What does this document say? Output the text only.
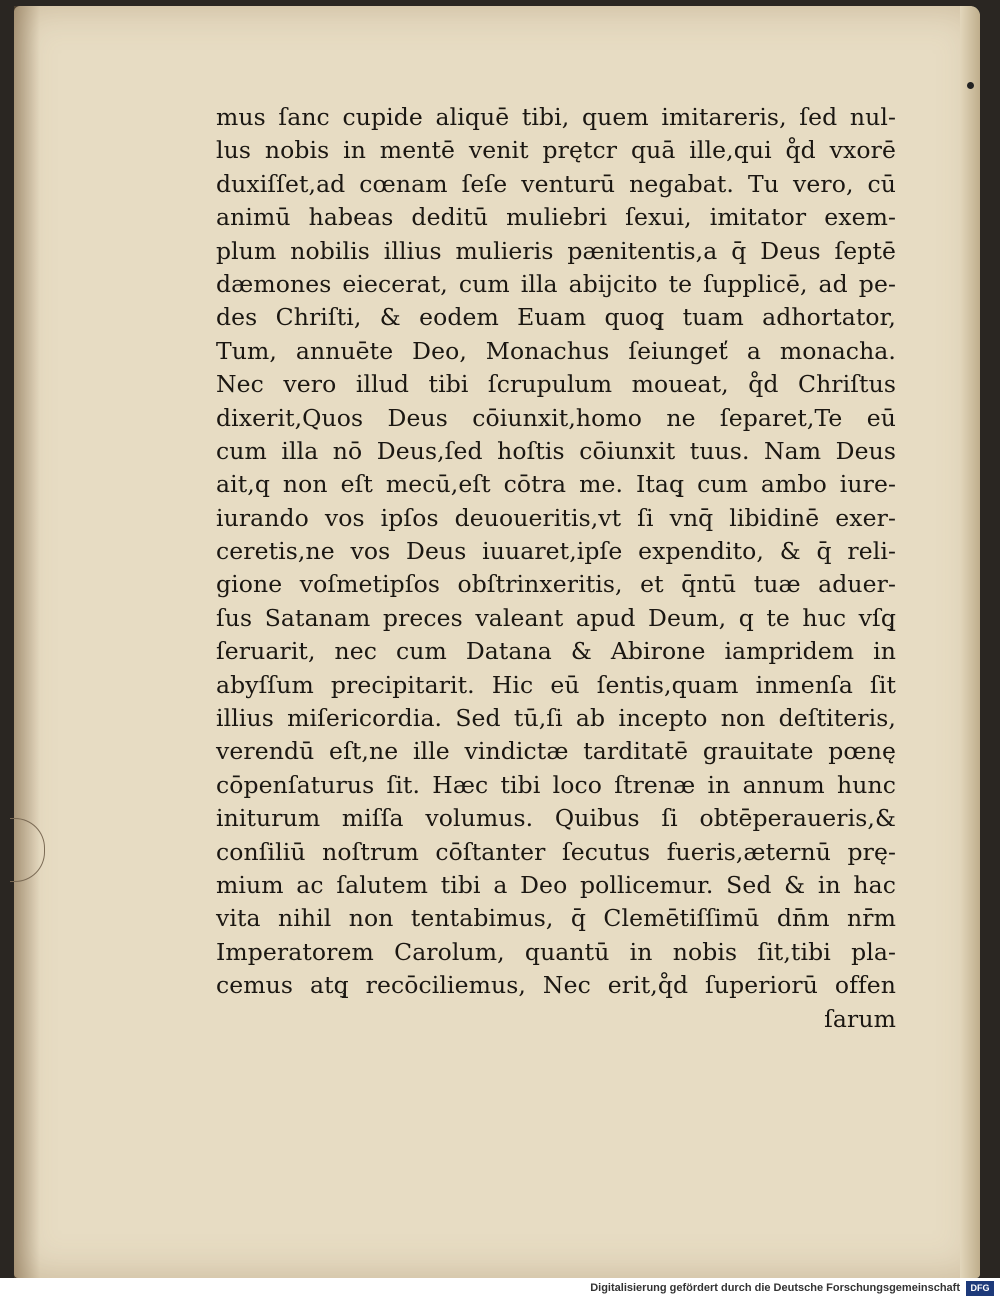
mus ſanc cupide aliquē tibi, quem imitareris, ſed nul-
lus nobis in mentē venit prętcr quā ille,qui q̊d vxorē
duxiſſet,ad cœnam ſeſe venturū negabat. Tu vero, cū
animū habeas deditū muliebri ſexui, imitator exem-
plum nobilis illius mulieris pænitentis,a q̄ Deus ſeptē
dæmones eiecerat, cum illa abijcito te ſupplicē, ad pe-
des Chriſti, & eodem Euam quoq̧ tuam adhortator,
Tum, annuēte Deo, Monachus ſeiungeť a monacha.
Nec vero illud tibi ſcrupulum moueat, q̊d Chriſtus
dixerit,Quos Deus cōiunxit,homo ne ſeparet,Te eū
cum illa nō Deus,ſed hoſtis cōiunxit tuus. Nam Deus
ait,q non eſt mecū,eſt cōtra me. Itaq̧ cum ambo iure-
iurando vos ipſos deuoueritis,vt ſi vnq̄ libidinē exer-
ceretis,ne vos Deus iuuaret,ipſe expendito, & q̄ reli-
gione voſmetipſos obſtrinxeritis, et q̄ntū tuæ aduer-
ſus Satanam preces valeant apud Deum, q te huc vſq̧
ſeruarit, nec cum Datana & Abirone iampridem in
abyſſum precipitarit. Hic eū ſentis,quam inmenſa ſit
illius miſericordia. Sed tū,ſi ab incepto non deſtiteris,
verendū eſt,ne ille vindictæ tarditatē grauitate pœnę
cōpenſaturus ſit. Hæc tibi loco ſtrenæ in annum hunc
initurum miſſa volumus. Quibus ſi obtēperaueris,&
conſiliū noſtrum cōſtanter ſecutus fueris,æternū prę-
mium ac ſalutem tibi a Deo pollicemur. Sed & in hac
vita nihil non tentabimus, q̄ Clemētiſſimū dn̄m nr̄m
Imperatorem Carolum, quantū in nobis ſit,tibi pla-
cemus atq̧ recōciliemus, Nec erit,q̊d ſuperiorū offen
ſarum
Digitalisierung gefördert durch die Deutsche Forschungsgemeinschaft	DFG
